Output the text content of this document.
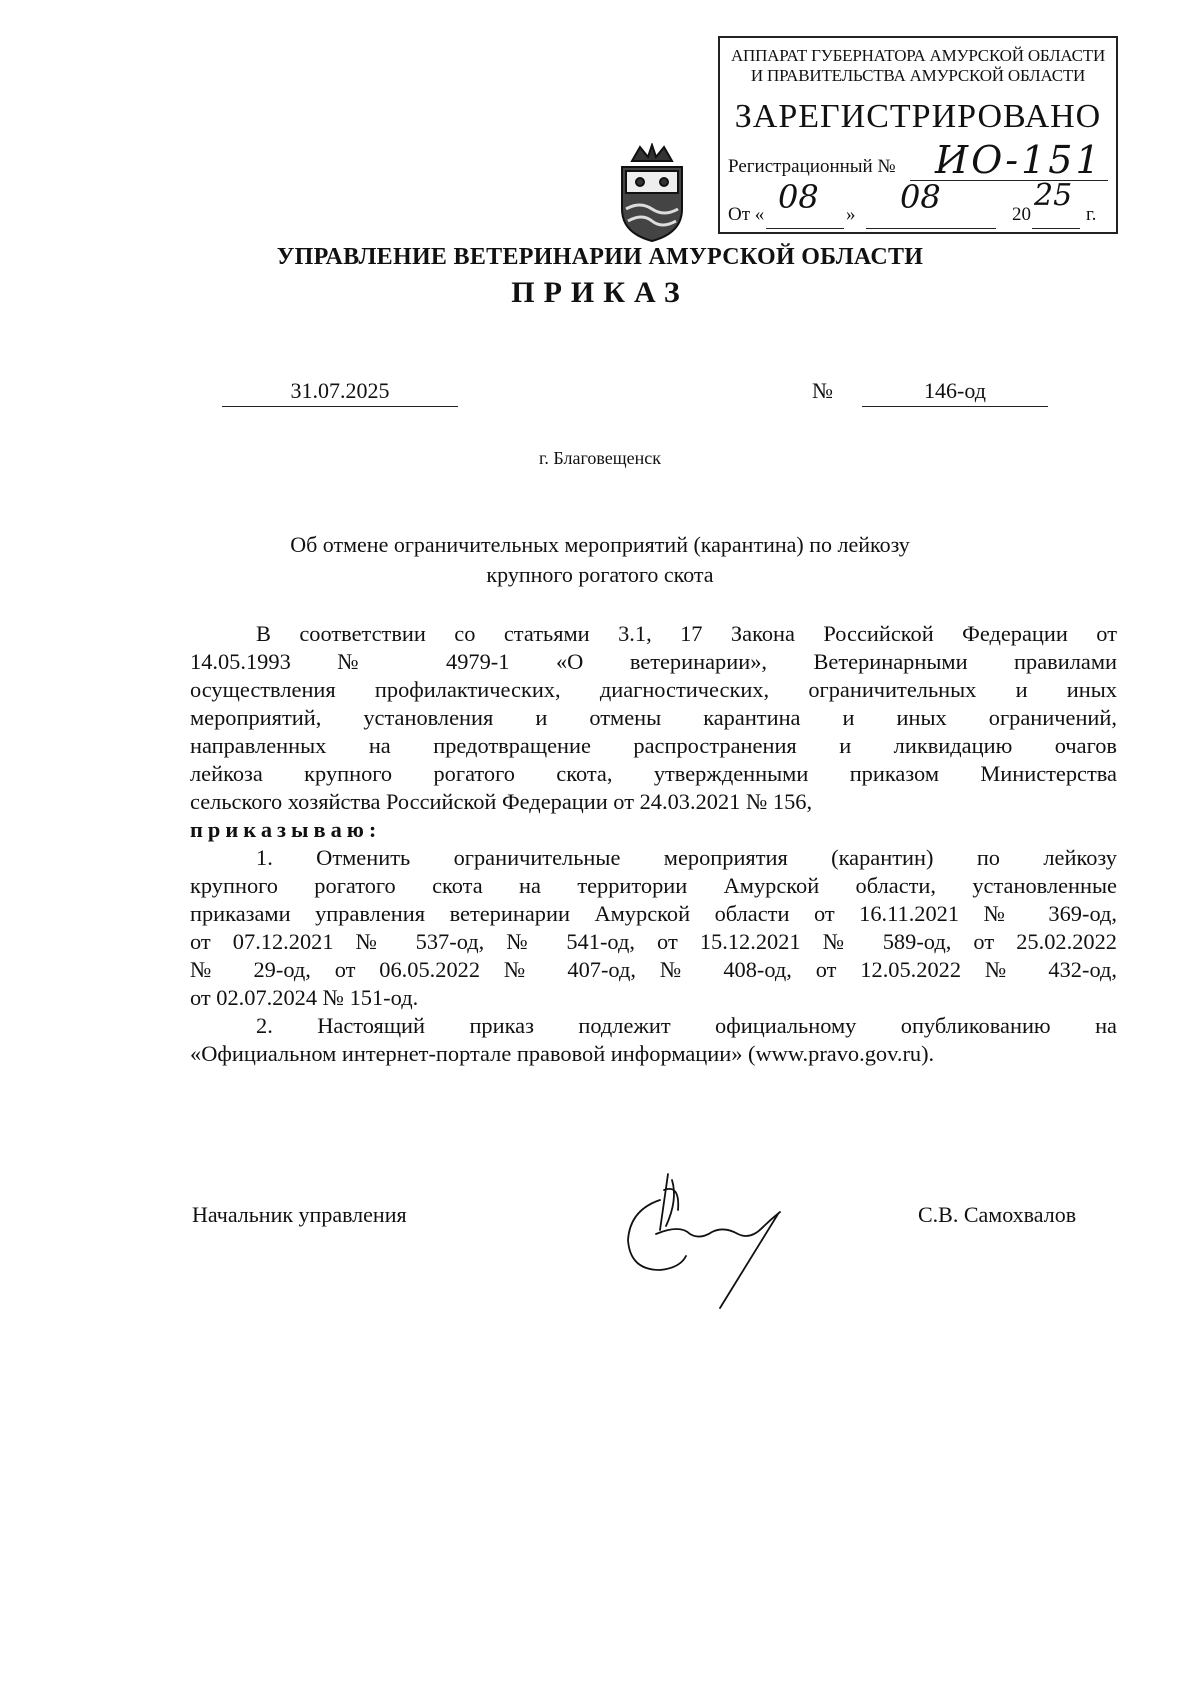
АППАРАТ ГУБЕРНАТОРА АМУРСКОЙ ОБЛАСТИ
И ПРАВИТЕЛЬСТВА АМУРСКОЙ ОБЛАСТИ
ЗАРЕГИСТРИРОВАНО
Регистрационный № ИО-151
От « 08 » 08	20
25
г.
УПРАВЛЕНИЕ ВЕТЕРИНАРИИ АМУРСКОЙ ОБЛАСТИ
ПРИКАЗ
31.07.2025	№	146-од
г. Благовещенск
Об отмене ограничительных мероприятий (карантина) по лейкозу
крупного рогатого скота
В соответствии со статьями 3.1, 17 Закона Российской Федерации от
14.05.1993 № 4979-1 «О ветеринарии», Ветеринарными правилами
осуществления профилактических, диагностических, ограничительных и иных
мероприятий, установления и отмены карантина и иных ограничений,
направленных на предотвращение распространения и ликвидацию очагов
лейкоза крупного рогатого скота, утвержденными приказом Министерства
сельского хозяйства Российской Федерации от 24.03.2021 № 156,
приказываю:
1. Отменить ограничительные мероприятия (карантин) по лейкозу
крупного рогатого скота на территории Амурской области, установленные
приказами управления ветеринарии Амурской области от 16.11.2021 № 369-од,
от 07.12.2021 № 537-од, № 541-од, от 15.12.2021 № 589-од, от 25.02.2022
№ 29-од, от 06.05.2022 № 407-од, № 408-од, от 12.05.2022 № 432-од,
от 02.07.2024 № 151-од.
2. Настоящий приказ подлежит официальному опубликованию на
«Официальном интернет-портале правовой информации» (www.pravo.gov.ru).
Начальник управления	С.В. Самохвалов
